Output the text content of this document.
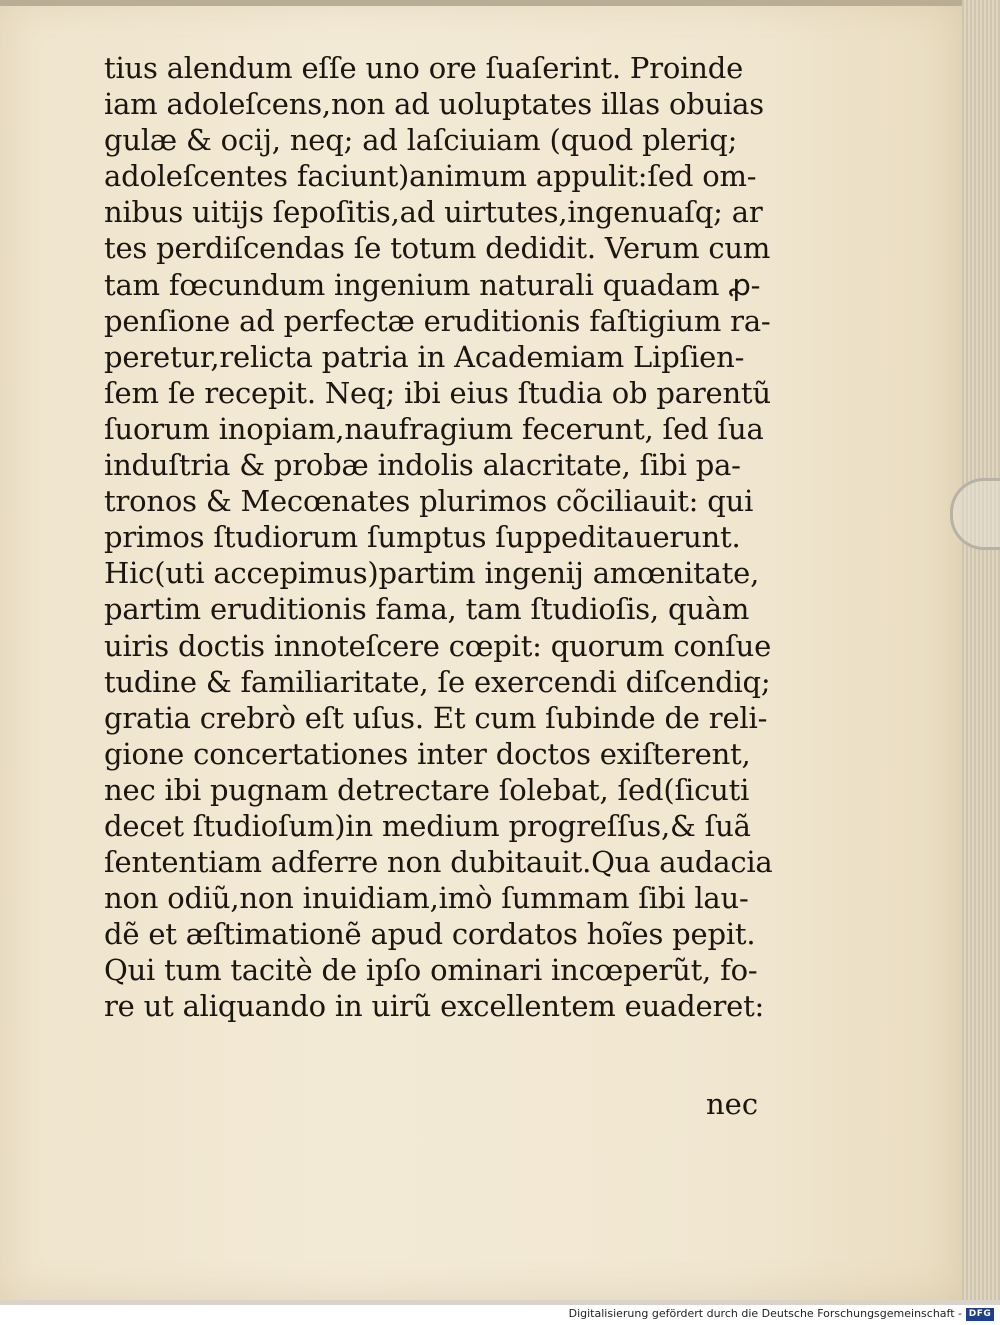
tius alendum eſſe uno ore ſuaſerint. Proinde
iam adoleſcens,non ad uoluptates illas obuias
gulæ & ocij, neq; ad laſciuiam (quod pleriq;
adoleſcentes faciunt)animum appulit:ſed om-
nibus uitijs ſepoſitis,ad uirtutes,ingenuaſq; ar
tes perdiſcendas ſe totum dedidit. Verum cum
tam fœcundum ingenium naturali quadam ꝓ-
penſione ad perfectæ eruditionis faſtigium ra-
peretur,relicta patria in Academiam Lipſien-
ſem ſe recepit. Neq; ibi eius ſtudia ob parentũ
ſuorum inopiam,naufragium fecerunt, ſed ſua
induſtria & probæ indolis alacritate, ſibi pa-
tronos & Mecœnates plurimos cõciliauit: qui
primos ſtudiorum ſumptus ſuppeditauerunt.
Hic(uti accepimus)partim ingenij amœnitate,
partim eruditionis fama, tam ſtudioſis, quàm
uiris doctis innoteſcere cœpit: quorum conſue
tudine & familiaritate, ſe exercendi diſcendiq;
gratia crebrò eſt uſus. Et cum ſubinde de reli-
gione concertationes inter doctos exiſterent,
nec ibi pugnam detrectare ſolebat, ſed(ſicuti
decet ſtudioſum)in medium progreſſus,& ſuã
ſententiam adferre non dubitauit.Qua audacia
non odiũ,non inuidiam,imò ſummam ſibi lau-
dẽ et æſtimationẽ apud cordatos hoĩes pepit.
Qui tum tacitè de ipſo ominari incœperũt, fo-
re ut aliquando in uirũ excellentem euaderet:
nec
Digitalisierung gefördert durch die Deutsche Forschungsgemeinschaft - DFG
